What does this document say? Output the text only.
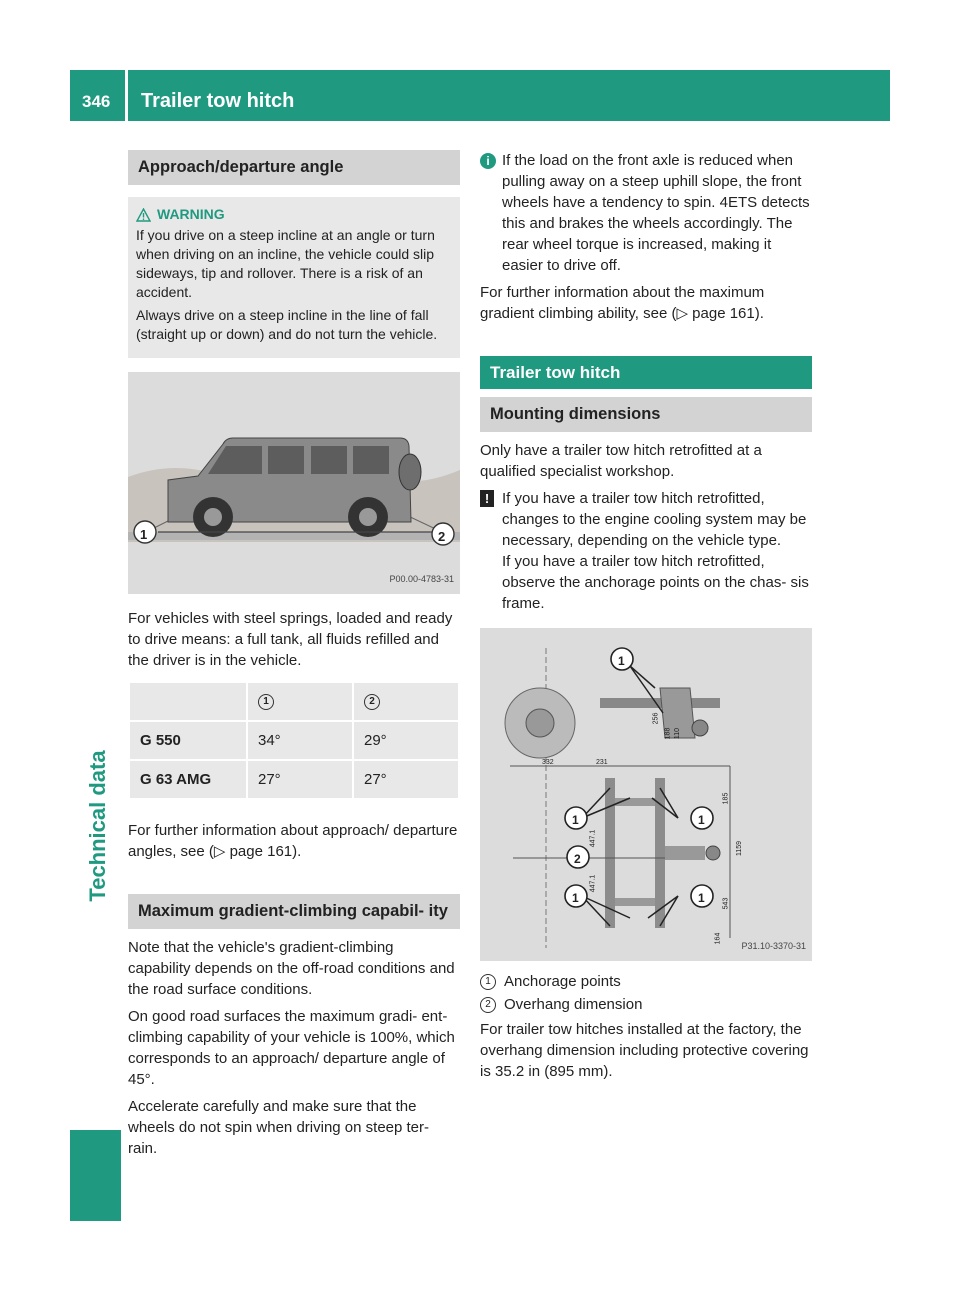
346 Trailer tow hitch
Technical data
Approach/departure angle
WARNING

If you drive on a steep incline at an angle or turn when driving on an incline, the vehicle could slip sideways, tip and rollover. There is a risk of an accident.

Always drive on a steep incline in the line of fall (straight up or down) and do not turn the vehicle.

1	2
P00.00-4783-31

For vehicles with steel springs, loaded and ready to drive means: a full tank, all fluids refilled and the driver is in the vehicle.

	1	2
G 550	34°	29°
G 63 AMG	27°	27°

For further information about approach/ departure angles, see (▷ page 161).

Maximum gradient-climbing capabil- ity

Note that the vehicle's gradient-climbing capability depends on the off-road conditions and the road surface conditions.

On good road surfaces the maximum gradi- ent-climbing capability of your vehicle is 100%, which corresponds to an approach/ departure angle of 45°.

Accelerate carefully and make sure that the wheels do not spin when driving on steep ter- rain.

i If the load on the front axle is reduced when pulling away on a steep uphill slope, the front wheels have a tendency to spin. 4ETS detects this and brakes the wheels accordingly. The rear wheel torque is increased, making it easier to drive off.

For further information about the maximum gradient climbing ability, see (▷ page 161).

Trailer tow hitch
Mounting dimensions

Only have a trailer tow hitch retrofitted at a qualified specialist workshop.

! If you have a trailer tow hitch retrofitted, changes to the engine cooling system may be necessary, depending on the vehicle type.
If you have a trailer tow hitch retrofitted, observe the anchorage points on the chas- sis frame.
1
1	1
2
1	1
332	231
256
188 110
185
1159
447.1
447.1
543
164
P31.10-3370-31
1 Anchorage points
2 Overhang dimension

For trailer tow hitches installed at the factory, the overhang dimension including protective covering is 35.2 in (895 mm).
